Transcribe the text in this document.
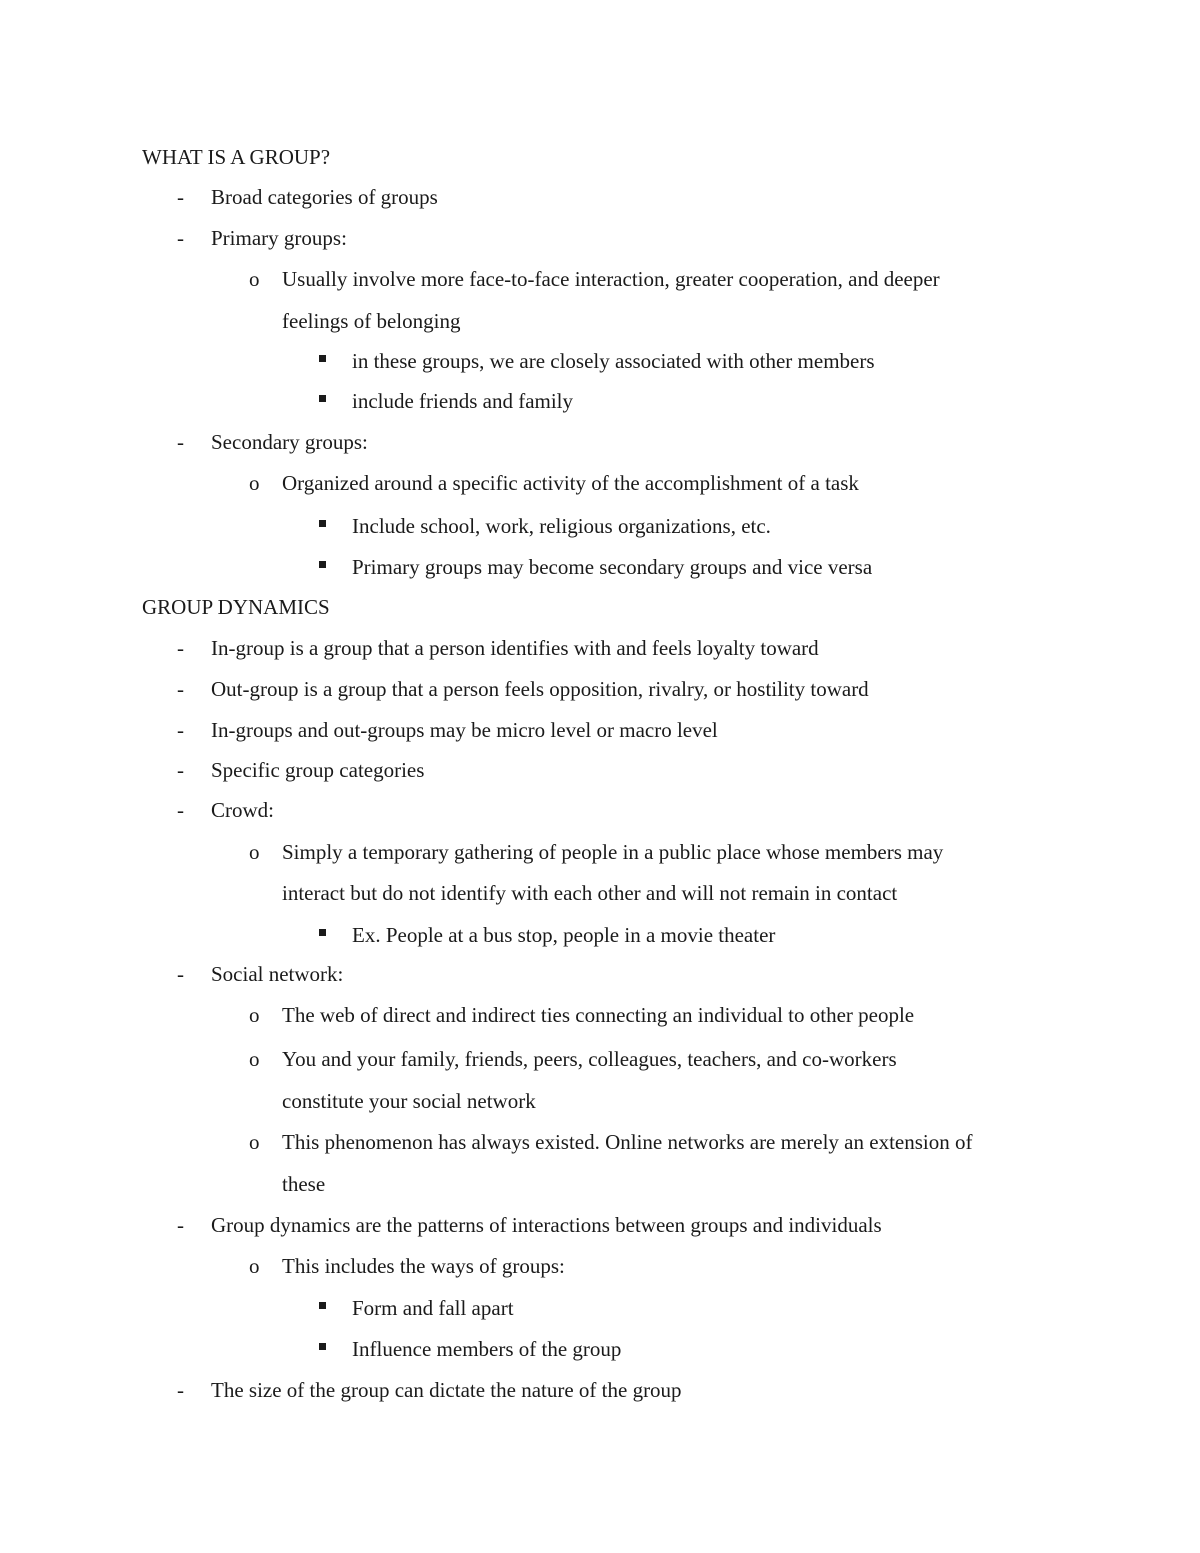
WHAT IS A GROUP?
- Broad categories of groups
- Primary groups:
o Usually involve more face-to-face interaction, greater cooperation, and deeper
feelings of belonging
in these groups, we are closely associated with other members
include friends and family
- Secondary groups:
o Organized around a specific activity of the accomplishment of a task
Include school, work, religious organizations, etc.
Primary groups may become secondary groups and vice versa
GROUP DYNAMICS
- In-group is a group that a person identifies with and feels loyalty toward
- Out-group is a group that a person feels opposition, rivalry, or hostility toward
- In-groups and out-groups may be micro level or macro level
- Specific group categories
- Crowd:
o Simply a temporary gathering of people in a public place whose members may
interact but do not identify with each other and will not remain in contact
Ex. People at a bus stop, people in a movie theater
- Social network:
o The web of direct and indirect ties connecting an individual to other people
o You and your family, friends, peers, colleagues, teachers, and co-workers
constitute your social network
o This phenomenon has always existed. Online networks are merely an extension of
these
- Group dynamics are the patterns of interactions between groups and individuals
o This includes the ways of groups:
Form and fall apart
Influence members of the group
- The size of the group can dictate the nature of the group
